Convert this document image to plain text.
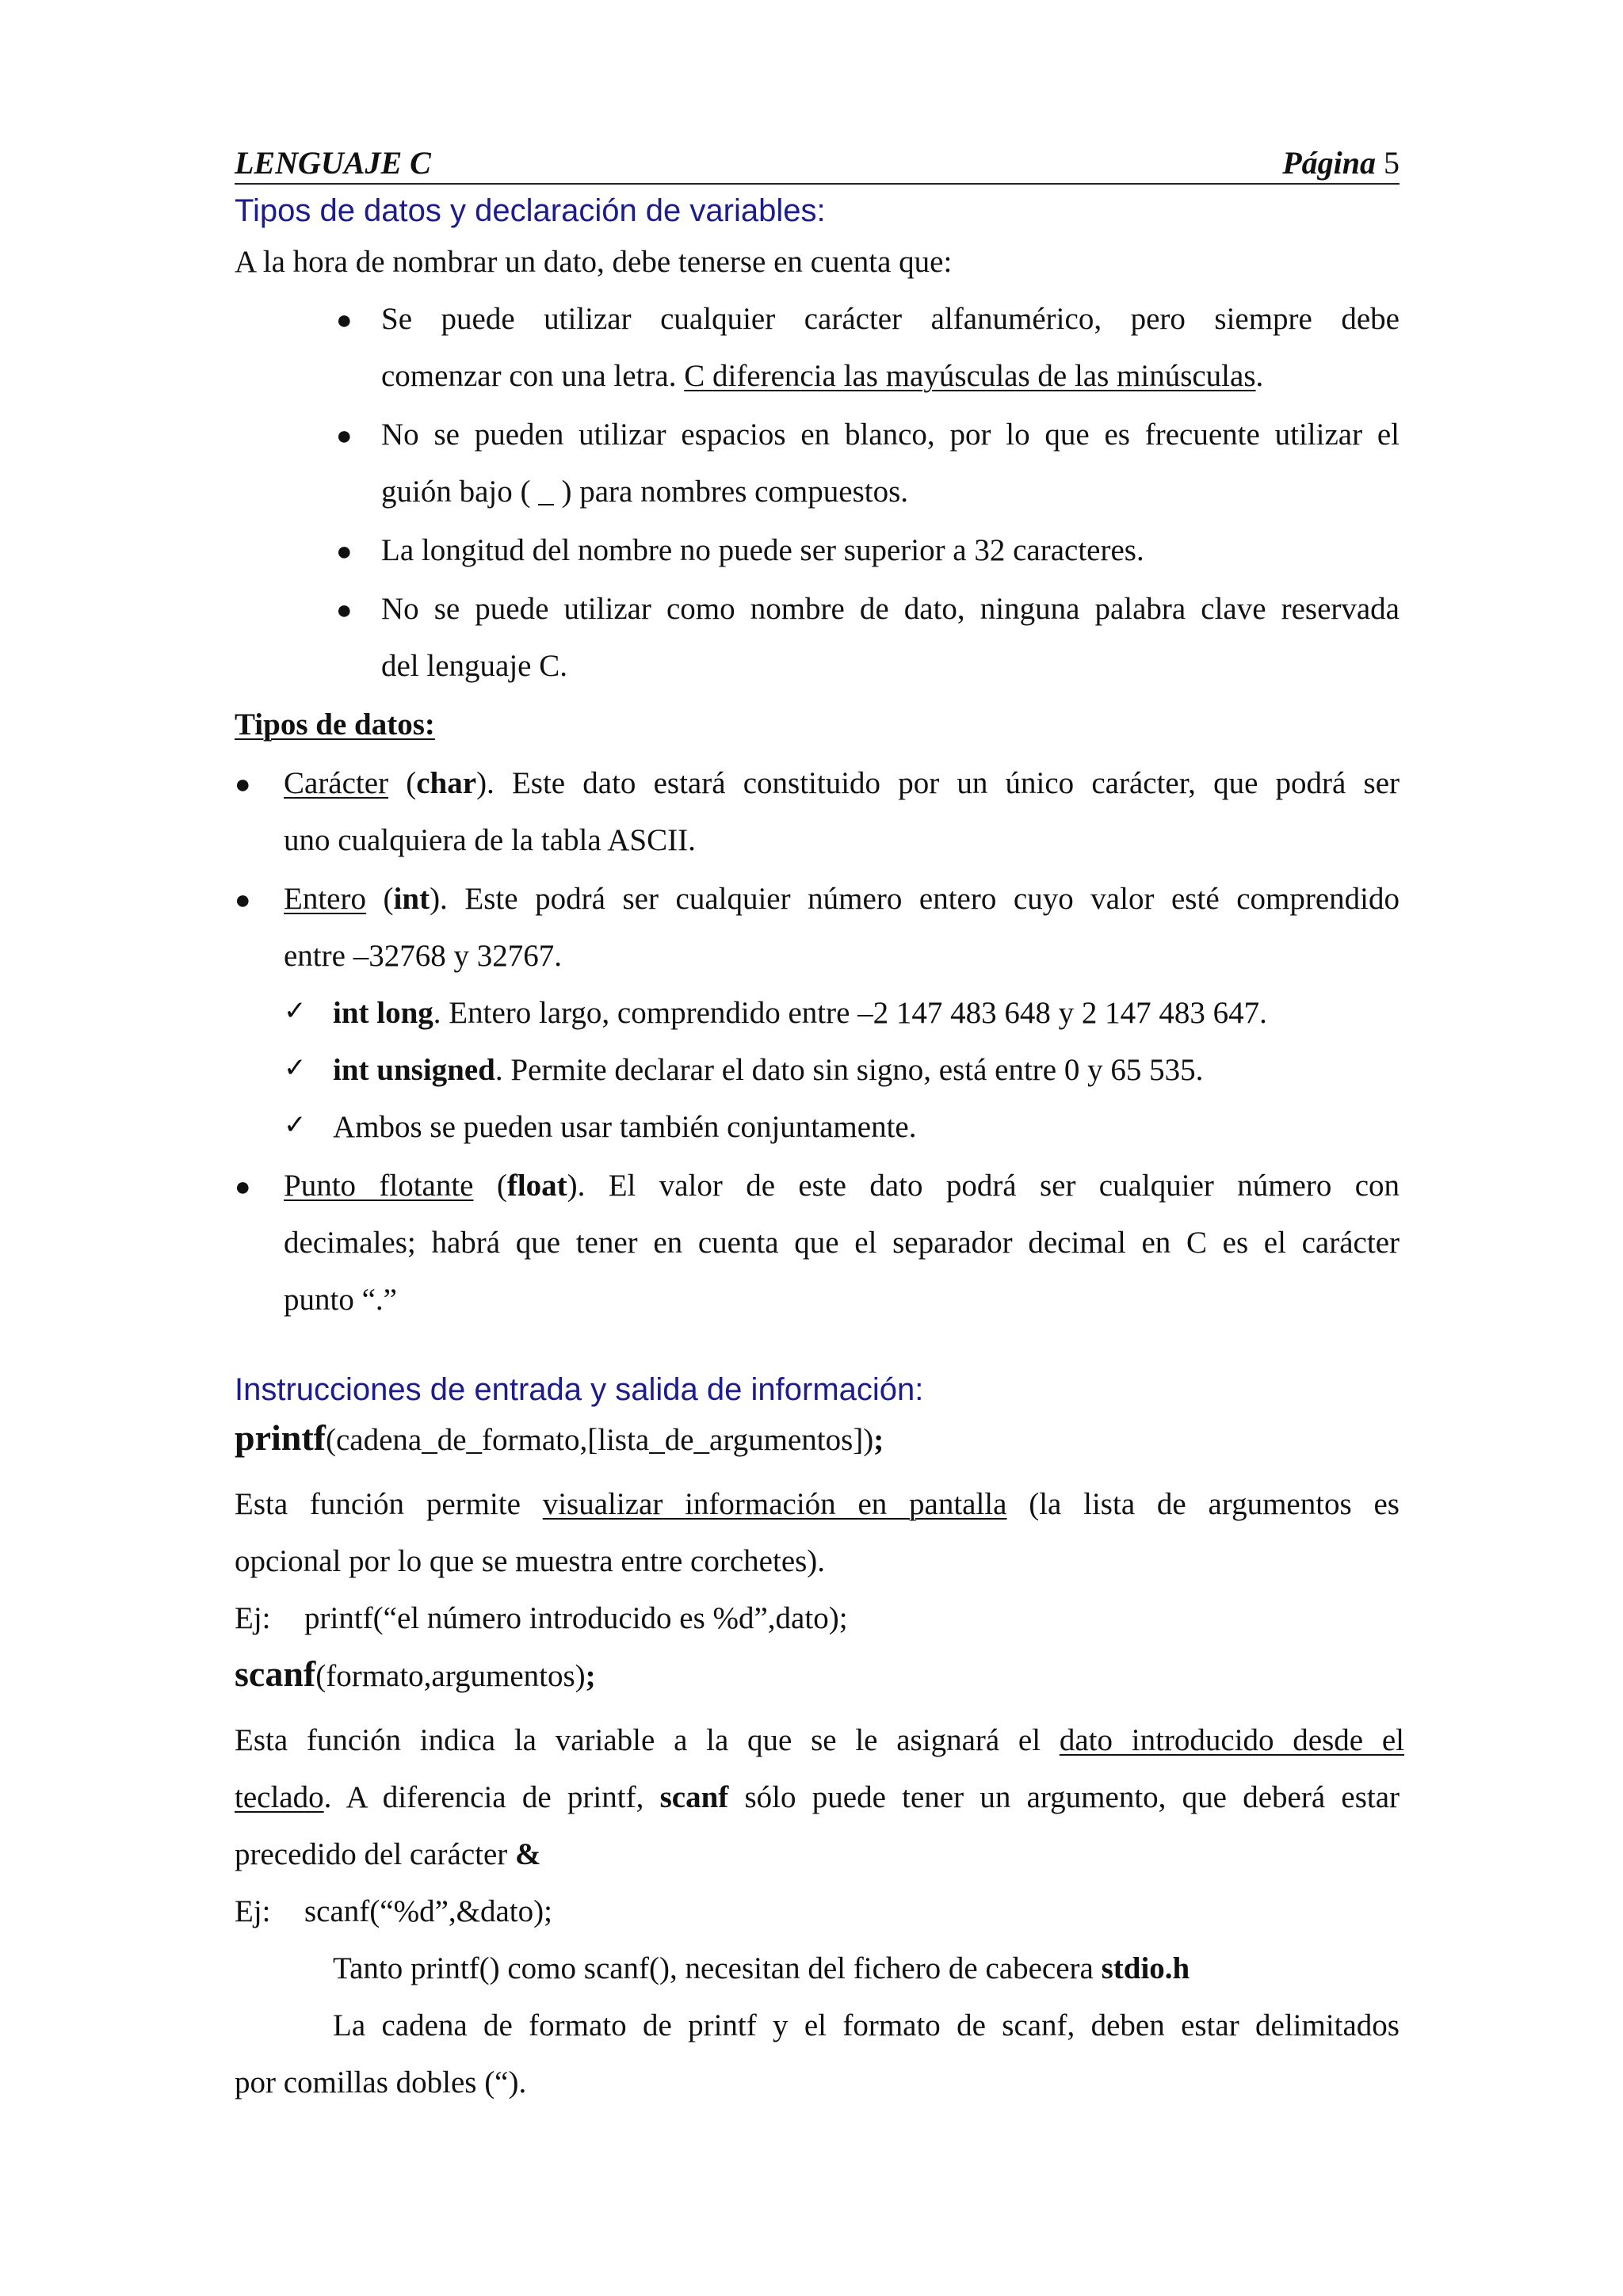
LENGUAJE C	Página 5
Tipos de datos y declaración de variables:
A la hora de nombrar un dato, debe tenerse en cuenta que:
● Se puede utilizar cualquier carácter alfanumérico, pero siempre debe
comenzar con una letra. C diferencia las mayúsculas de las minúsculas.
● No se pueden utilizar espacios en blanco, por lo que es frecuente utilizar el
guión bajo ( _ ) para nombres compuestos.
● La longitud del nombre no puede ser superior a 32 caracteres.
● No se puede utilizar como nombre de dato, ninguna palabra clave reservada
del lenguaje C.
Tipos de datos:
● Carácter (char). Este dato estará constituido por un único carácter, que podrá ser
uno cualquiera de la tabla ASCII.
● Entero (int). Este podrá ser cualquier número entero cuyo valor esté comprendido
entre –32768 y 32767.
✓ int long. Entero largo, comprendido entre –2 147 483 648 y 2 147 483 647.
✓ int unsigned. Permite declarar el dato sin signo, está entre 0 y 65 535.
✓ Ambos se pueden usar también conjuntamente.
● Punto flotante (float). El valor de este dato podrá ser cualquier número con
decimales; habrá que tener en cuenta que el separador decimal en C es el carácter
punto “.”
Instrucciones de entrada y salida de información:
printf(cadena_de_formato,[lista_de_argumentos]);
Esta función permite visualizar información en pantalla (la lista de argumentos es
opcional por lo que se muestra entre corchetes).
Ej: printf(“el número introducido es %d”,dato);
scanf(formato,argumentos);
Esta función indica la variable a la que se le asignará el dato introducido desde el
teclado. A diferencia de printf, scanf sólo puede tener un argumento, que deberá estar
precedido del carácter &
Ej: scanf(“%d”,&dato);
Tanto printf() como scanf(), necesitan del fichero de cabecera stdio.h
La cadena de formato de printf y el formato de scanf, deben estar delimitados
por comillas dobles (“).
